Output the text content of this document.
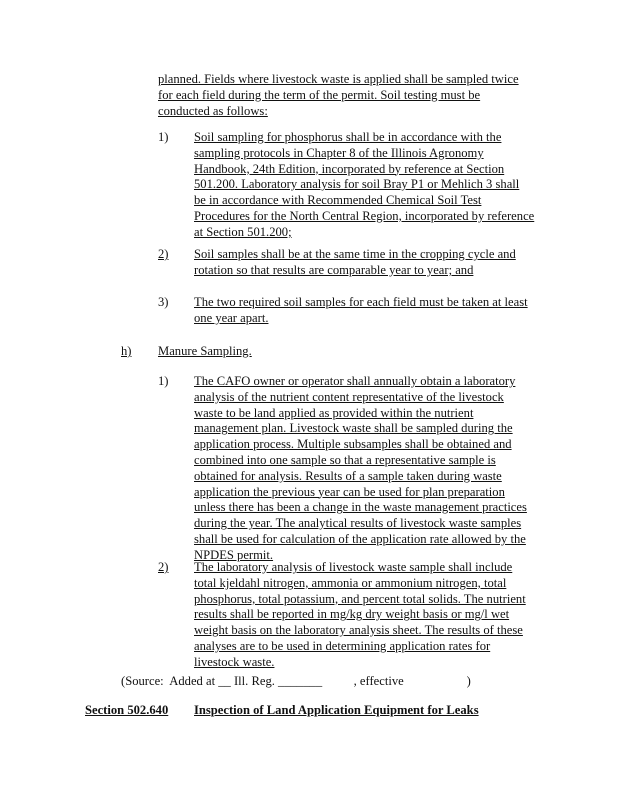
planned. Fields where livestock waste is applied shall be sampled twice

for each field during the term of the permit. Soil testing must be

conducted as follows:

1) Soil sampling for phosphorus shall be in accordance with the

sampling protocols in Chapter 8 of the Illinois Agronomy

Handbook, 24th Edition, incorporated by reference at Section

501.200. Laboratory analysis for soil Bray P1 or Mehlich 3 shall

be in accordance with Recommended Chemical Soil Test

Procedures for the North Central Region, incorporated by reference

at Section 501.200;

2) Soil samples shall be at the same time in the cropping cycle and

rotation so that results are comparable year to year; and

3) The two required soil samples for each field must be taken at least

one year apart.

h) Manure Sampling.
1) The CAFO owner or operator shall annually obtain a laboratory

analysis of the nutrient content representative of the livestock

waste to be land applied as provided within the nutrient

management plan. Livestock waste shall be sampled during the

application process. Multiple subsamples shall be obtained and

combined into one sample so that a representative sample is

obtained for analysis. Results of a sample taken during waste

application the previous year can be used for plan preparation

unless there has been a change in the waste management practices

during the year. The analytical results of livestock waste samples

shall be used for calculation of the application rate allowed by the

NPDES permit.

2) The laboratory analysis of livestock waste sample shall include

total kjeldahl nitrogen, ammonia or ammonium nitrogen, total

phosphorus, total potassium, and percent total solids. The nutrient

results shall be reported in mg/kg dry weight basis or mg/l wet

weight basis on the laboratory analysis sheet. The results of these

analyses are to be used in determining application rates for

livestock waste.

(Source:  Added at __ Ill. Reg. _______          , effective                    )
Section 502.640 Inspection of Land Application Equipment for Leaks
